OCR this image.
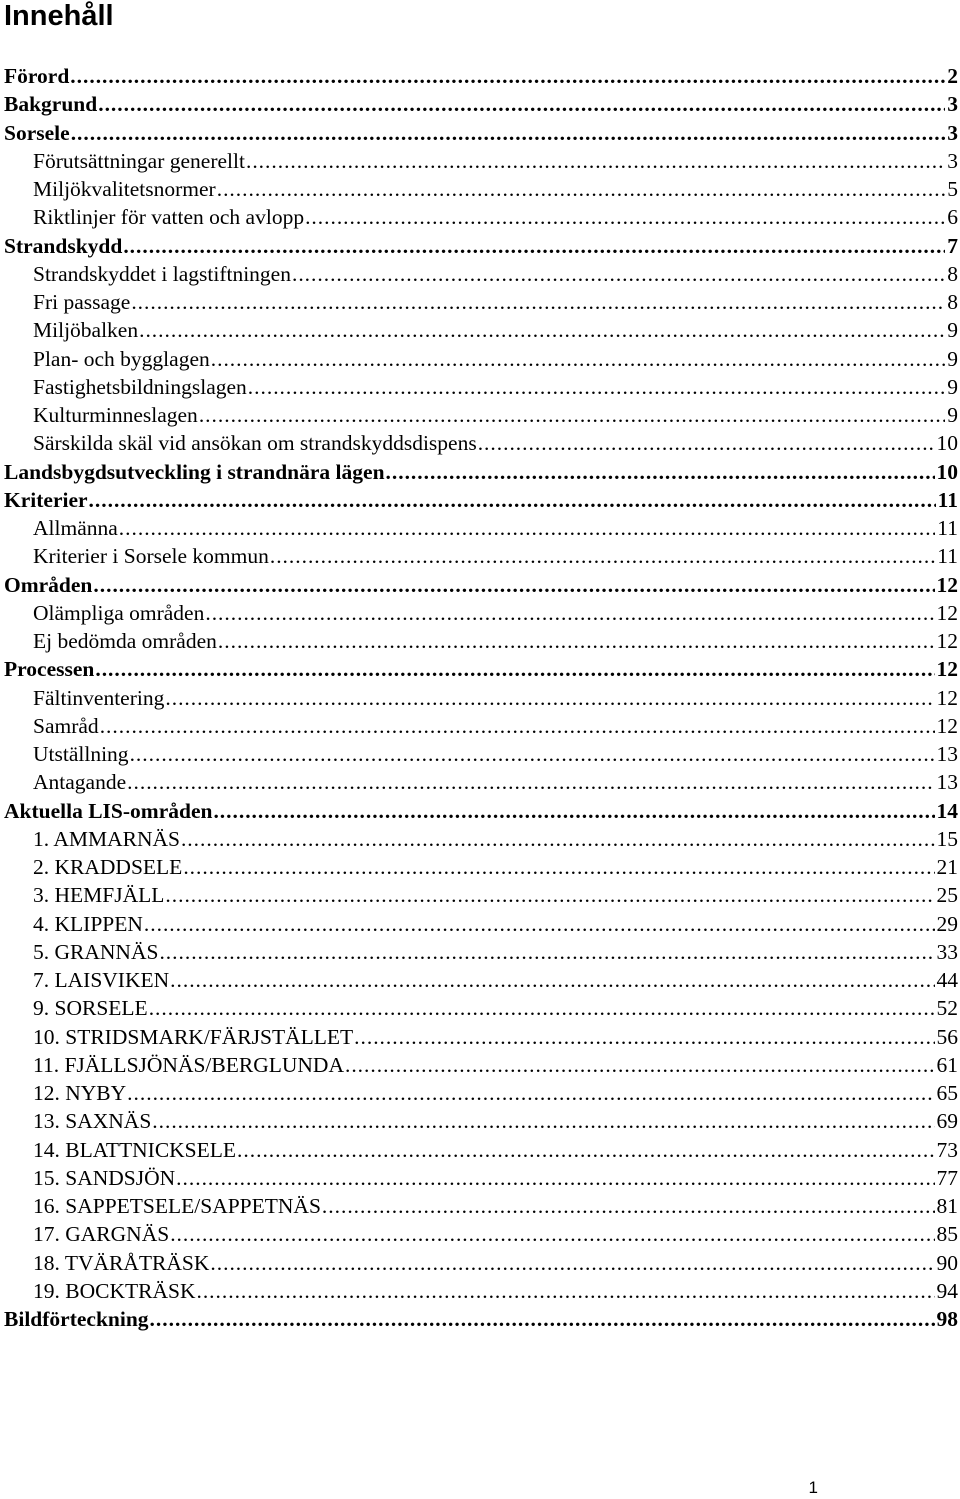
Innehåll
Förord . . .	2
Bakgrund . . .	3
Sorsele . . .	3
Förutsättningar generellt . . .	3
Miljökvalitetsnormer . . .	5
Riktlinjer för vatten och avlopp . . .	6
Strandskydd . . .	7
Strandskyddet i lagstiftningen . . .	8
Fri passage . . .	8
Miljöbalken . . .	9
Plan- och bygglagen . . .	9
Fastighetsbildningslagen . . .	9
Kulturminneslagen . . .	9
Särskilda skäl vid ansökan om strandskyddsdispens . . .	10
Landsbygdsutveckling i strandnära lägen . . .	10
Kriterier . . .	11
Allmänna . . .	11
Kriterier i Sorsele kommun . . .	11
Områden . . .	12
Olämpliga områden . . .	12
Ej bedömda områden . . .	12
Processen . . .	12
Fältinventering . . .	12
Samråd . . .	12
Utställning . . .	13
Antagande . . .	13
Aktuella LIS-områden . . .	14
1. AMMARNÄS . . .	15
2. KRADDSELE . . .	21
3. HEMFJÄLL . . .	25
4. KLIPPEN . . .	29
5. GRANNÄS . . .	33
7. LAISVIKEN . . .	44
9. SORSELE . . .	52
10. STRIDSMARK/FÄRJSTÄLLET . . .	56
11. FJÄLLSJÖNÄS/BERGLUNDA . . .	61
12. NYBY . . .	65
13. SAXNÄS . . .	69
14. BLATTNICKSELE . . .	73
15. SANDSJÖN . . .	77
16. SAPPETSELE/SAPPETNÄS . . .	81
17. GARGNÄS . . .	85
18. TVÄRÅTRÄSK . . .	90
19. BOCKTRÄSK . . .	94
Bildförteckning . . .	98
1
